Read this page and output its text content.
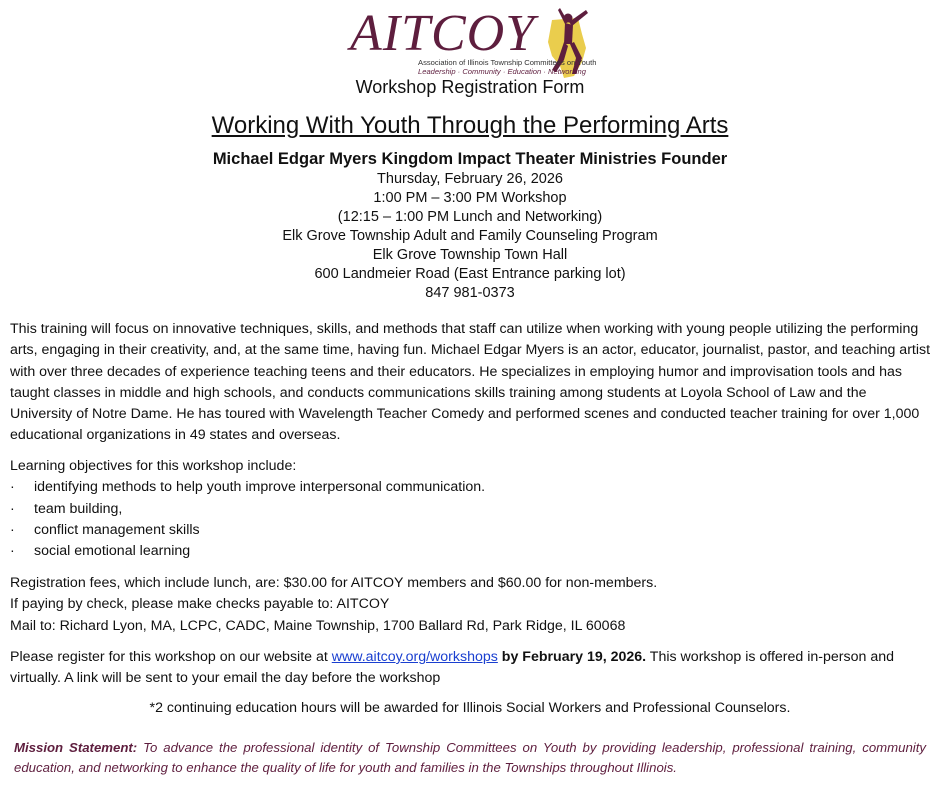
AITCOY
Association of Illinois Township Committees on Youth
Leadership · Community · Education · Networking
Workshop Registration Form
Working With Youth Through the Performing Arts
Michael Edgar Myers Kingdom Impact Theater Ministries Founder
Thursday, February 26, 2026
1:00 PM – 3:00 PM Workshop
(12:15 – 1:00 PM Lunch and Networking)
Elk Grove Township Adult and Family Counseling Program
Elk Grove Township Town Hall
600 Landmeier Road (East Entrance parking lot)
847 981-0373
This training will focus on innovative techniques, skills, and methods that staff can utilize when working with young people utilizing the performing arts, engaging in their creativity, and, at the same time, having fun. Michael Edgar Myers is an actor, educator, journalist, pastor, and teaching artist with over three decades of experience teaching teens and their educators. He specializes in employing humor and improvisation tools and has taught classes in middle and high schools, and conducts communications skills training among students at Loyola School of Law and the University of Notre Dame. He has toured with Wavelength Teacher Comedy and performed scenes and conducted teacher training for over 1,000 educational organizations in 49 states and overseas.
Learning objectives for this workshop include:
· identifying methods to help youth improve interpersonal communication.
· team building,
· conflict management skills
· social emotional learning
Registration fees, which include lunch, are: $30.00 for AITCOY members and $60.00 for non-members.
If paying by check, please make checks payable to: AITCOY
Mail to: Richard Lyon, MA, LCPC, CADC, Maine Township, 1700 Ballard Rd, Park Ridge, IL 60068
Please register for this workshop on our website at www.aitcoy.org/workshops by February 19, 2026. This workshop is offered in-person and virtually. A link will be sent to your email the day before the workshop
*2 continuing education hours will be awarded for Illinois Social Workers and Professional Counselors.
Mission Statement: To advance the professional identity of Township Committees on Youth by providing leadership, professional training, community education, and networking to enhance the quality of life for youth and families in the Townships throughout Illinois.
